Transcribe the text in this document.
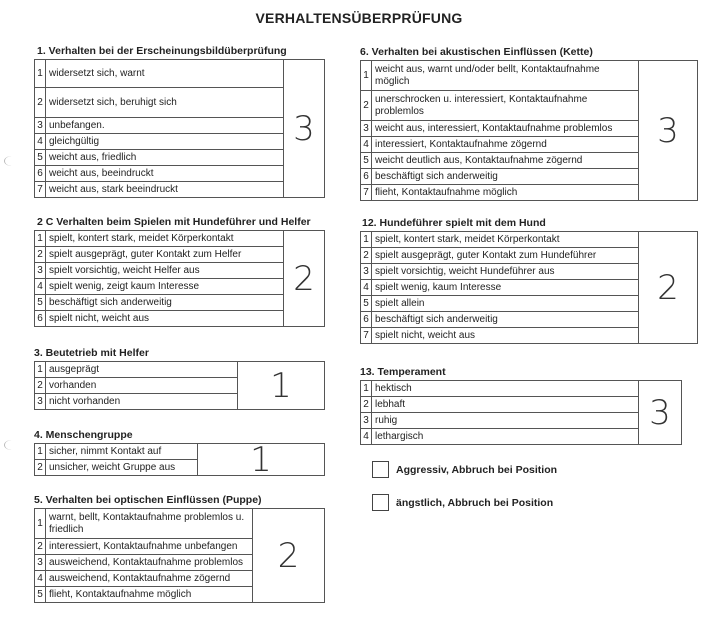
VERHALTENSÜBERPRÜFUNG
1. Verhalten bei der Erscheinungsbildüberprüfung
1	widersetzt sich, warnt	3

2	widersetzt sich, beruhigt sich	
3	unbefangen.	
4	gleichgültig	
5	weicht aus, friedlich	
6	weicht aus, beeindruckt	
7	weicht aus, stark beeindruckt	
2 C Verhalten beim Spielen mit Hundeführer und Helfer
1	spielt, kontert stark, meidet Körperkontakt	2

2	spielt ausgeprägt, guter Kontakt zum Helfer	
3	spielt vorsichtig, weicht Helfer aus	
4	spielt wenig, zeigt kaum Interesse	
5	beschäftigt sich anderweitig	
6	spielt nicht, weicht aus	
3. Beutetrieb mit Helfer
1	ausgeprägt	1

2	vorhanden	
3	nicht vorhanden	
4. Menschengruppe
1	sicher, nimmt Kontakt auf	1

2	unsicher, weicht Gruppe aus	
5. Verhalten bei optischen Einflüssen (Puppe)
1	warnt, bellt, Kontaktaufnahme problemlos u. friedlich	2

2	interessiert, Kontaktaufnahme unbefangen	
3	ausweichend, Kontaktaufnahme problemlos	
4	ausweichend, Kontaktaufnahme zögernd	
5	flieht, Kontaktaufnahme möglich	
6. Verhalten bei akustischen Einflüssen (Kette)
1	weicht aus, warnt und/oder bellt, Kontaktaufnahme möglich	3

2	unerschrocken u. interessiert, Kontaktaufnahme problemlos	
3	weicht aus, interessiert, Kontaktaufnahme problemlos	
4	interessiert, Kontaktaufnahme zögernd	
5	weicht deutlich aus, Kontaktaufnahme zögernd	
6	beschäftigt sich anderweitig	
7	flieht, Kontaktaufnahme möglich	
12. Hundeführer spielt mit dem Hund
1	spielt, kontert stark, meidet Körperkontakt	2

2	spielt ausgeprägt, guter Kontakt zum Hundeführer	
3	spielt vorsichtig, weicht Hundeführer aus	
4	spielt wenig, kaum Interesse	
5	spielt allein	
6	beschäftigt sich anderweitig	
7	spielt nicht, weicht aus	
13. Temperament
1	hektisch	3

2	lebhaft	
3	ruhig	
4	lethargisch	
Aggressiv, Abbruch bei Position
ängstlich, Abbruch bei Position
